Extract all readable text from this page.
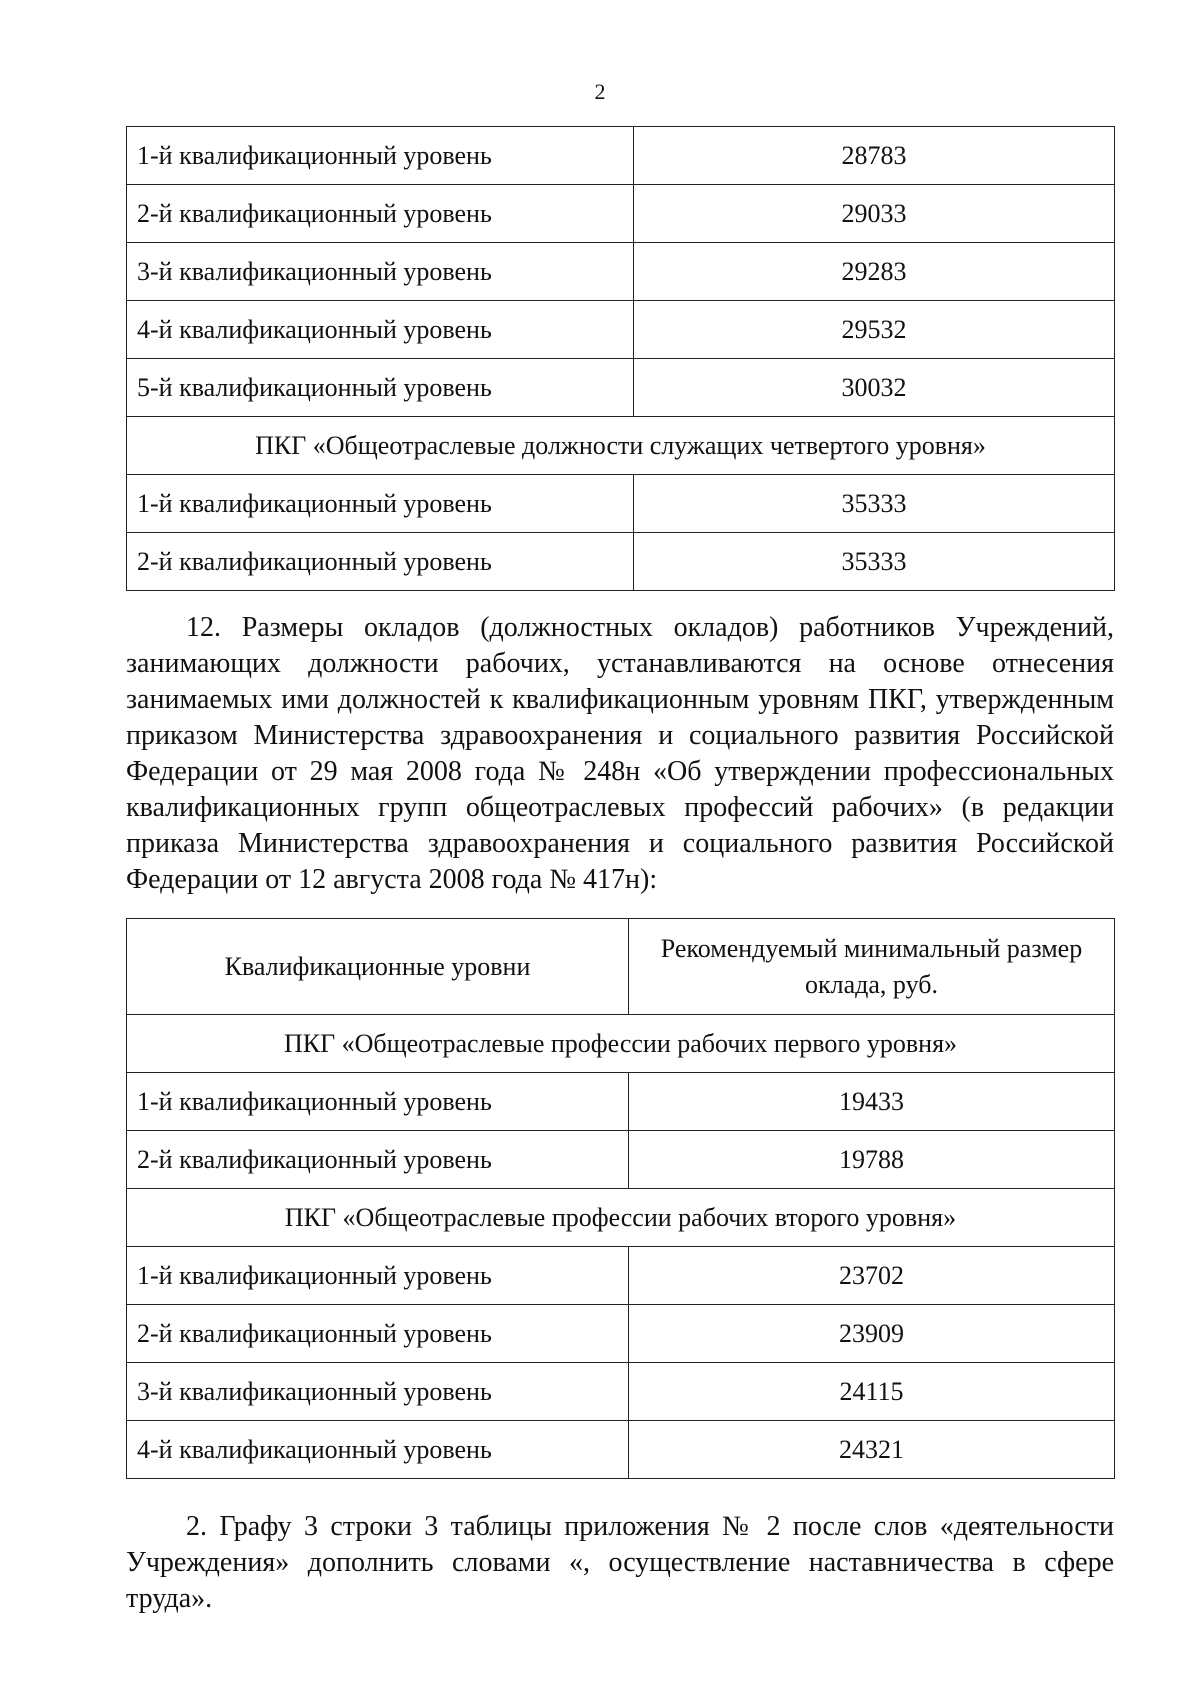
2
1-й квалификационный уровень	28783
2-й квалификационный уровень	29033
3-й квалификационный уровень	29283
4-й квалификационный уровень	29532
5-й квалификационный уровень	30032
ПКГ «Общеотраслевые должности служащих четвертого уровня»	
1-й квалификационный уровень	35333
2-й квалификационный уровень	35333

12. Размеры окладов (должностных окладов) работников Учреждений, занимающих должности рабочих, устанавливаются на основе отнесения занимаемых ими должностей к квалификационным уровням ПКГ, утвержденным приказом Министерства здравоохранения и социального развития Российской Федерации от 29 мая 2008 года № 248н «Об утверждении профессиональных квалификационных групп общеотраслевых профессий рабочих» (в редакции приказа Министерства здравоохранения и социального развития Российской Федерации от 12 августа 2008 года № 417н):

Квалификационные уровни	Рекомендуемый минимальный размер оклада, руб.
ПКГ «Общеотраслевые профессии рабочих первого уровня»	
1-й квалификационный уровень	19433
2-й квалификационный уровень	19788
ПКГ «Общеотраслевые профессии рабочих второго уровня»	
1-й квалификационный уровень	23702
2-й квалификационный уровень	23909
3-й квалификационный уровень	24115
4-й квалификационный уровень	24321

2. Графу 3 строки 3 таблицы приложения № 2 после слов «деятельности Учреждения» дополнить словами «, осуществление наставничества в сфере труда».
